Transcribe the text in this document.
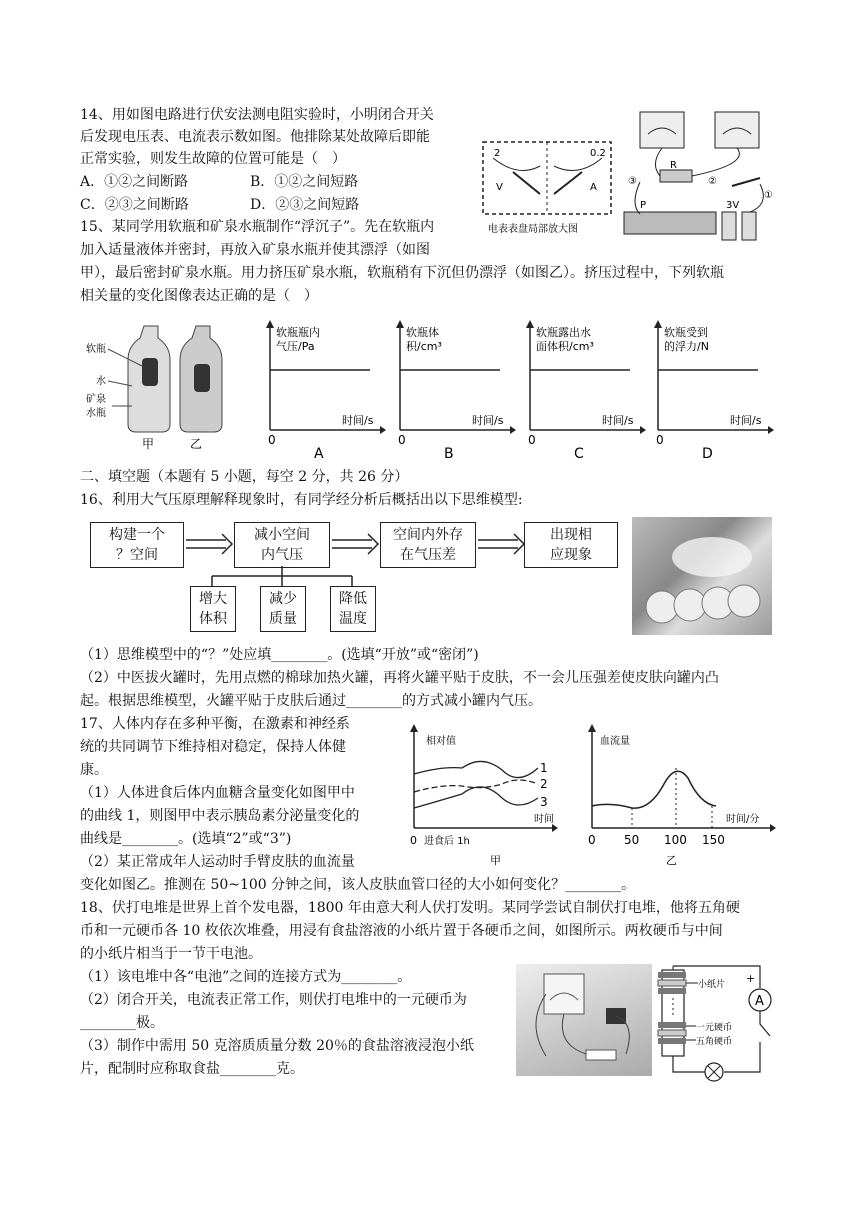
14、用如图电路进行伏安法测电阻实验时，小明闭合开关
后发现电压表、电流表示数如图。他排除某处故障后即能
正常实验，则发生故障的位置可能是（　）
A．①②之间断路	B．①②之间短路
C．②③之间断路	D．②③之间短路
2	0.2
V	A
电表表盘局部放大图
R
③	②
①
P	3V
15、某同学用软瓶和矿泉水瓶制作“浮沉子”。先在软瓶内
加入适量液体并密封，再放入矿泉水瓶并使其漂浮（如图
甲），最后密封矿泉水瓶。用力挤压矿泉水瓶，软瓶稍有下沉但仍漂浮（如图乙）。挤压过程中，下列软瓶
相关量的变化图像表达正确的是（　）
软瓶
水
矿泉
水瓶
甲	乙
软瓶瓶内
气压/Pa
时间/s
0
A
软瓶体
积/cm³
时间/s
0
B
软瓶露出水
面体积/cm³
时间/s
0
C
软瓶受到
的浮力/N
时间/s
0
D
二、填空题（本题有 5 小题，每空 2 分，共 26 分）
16、利用大气压原理解释现象时，有同学经分析后概括出以下思维模型:
构建一个
？空间
减小空间
内气压
空间内外存
在气压差
出现相
应现象
增大
体积
减少
质量
降低
温度
（1）思维模型中的“？”处应填________。(选填“开放”或“密闭”)
（2）中医拔火罐时，先用点燃的棉球加热火罐，再将火罐平贴于皮肤，不一会儿压强差使皮肤向罐内凸
起。根据思维模型，火罐平贴于皮肤后通过________的方式减小罐内气压。
17、人体内存在多种平衡，在激素和神经系
统的共同调节下维持相对稳定，保持人体健
康。
（1）人体进食后体内血糖含量变化如图甲中
的曲线 1，则图甲中表示胰岛素分泌量变化的
曲线是________。(选填“2”或“3”)
（2）某正常成年人运动时手臂皮肤的血流量
变化如图乙。推测在 50~100 分钟之间，该人皮肤血管口径的大小如何变化？________。
相对值
1
2
3
时间
0 进食后 1h
甲
血流量
时间/分
0 50 100 150
乙
18、伏打电堆是世界上首个发电器，1800 年由意大利人伏打发明。某同学尝试自制伏打电堆，他将五角硬
币和一元硬币各 10 枚依次堆叠，用浸有食盐溶液的小纸片置于各硬币之间，如图所示。两枚硬币与中间
的小纸片相当于一节干电池。
（1）该电堆中各“电池”之间的连接方式为________。
（2）闭合开关，电流表正常工作，则伏打电堆中的一元硬币为
________极。
（3）制作中需用 50 克溶质质量分数 20％的食盐溶液浸泡小纸
片，配制时应称取食盐________克。
A
+
小纸片
一元硬币
五角硬币
